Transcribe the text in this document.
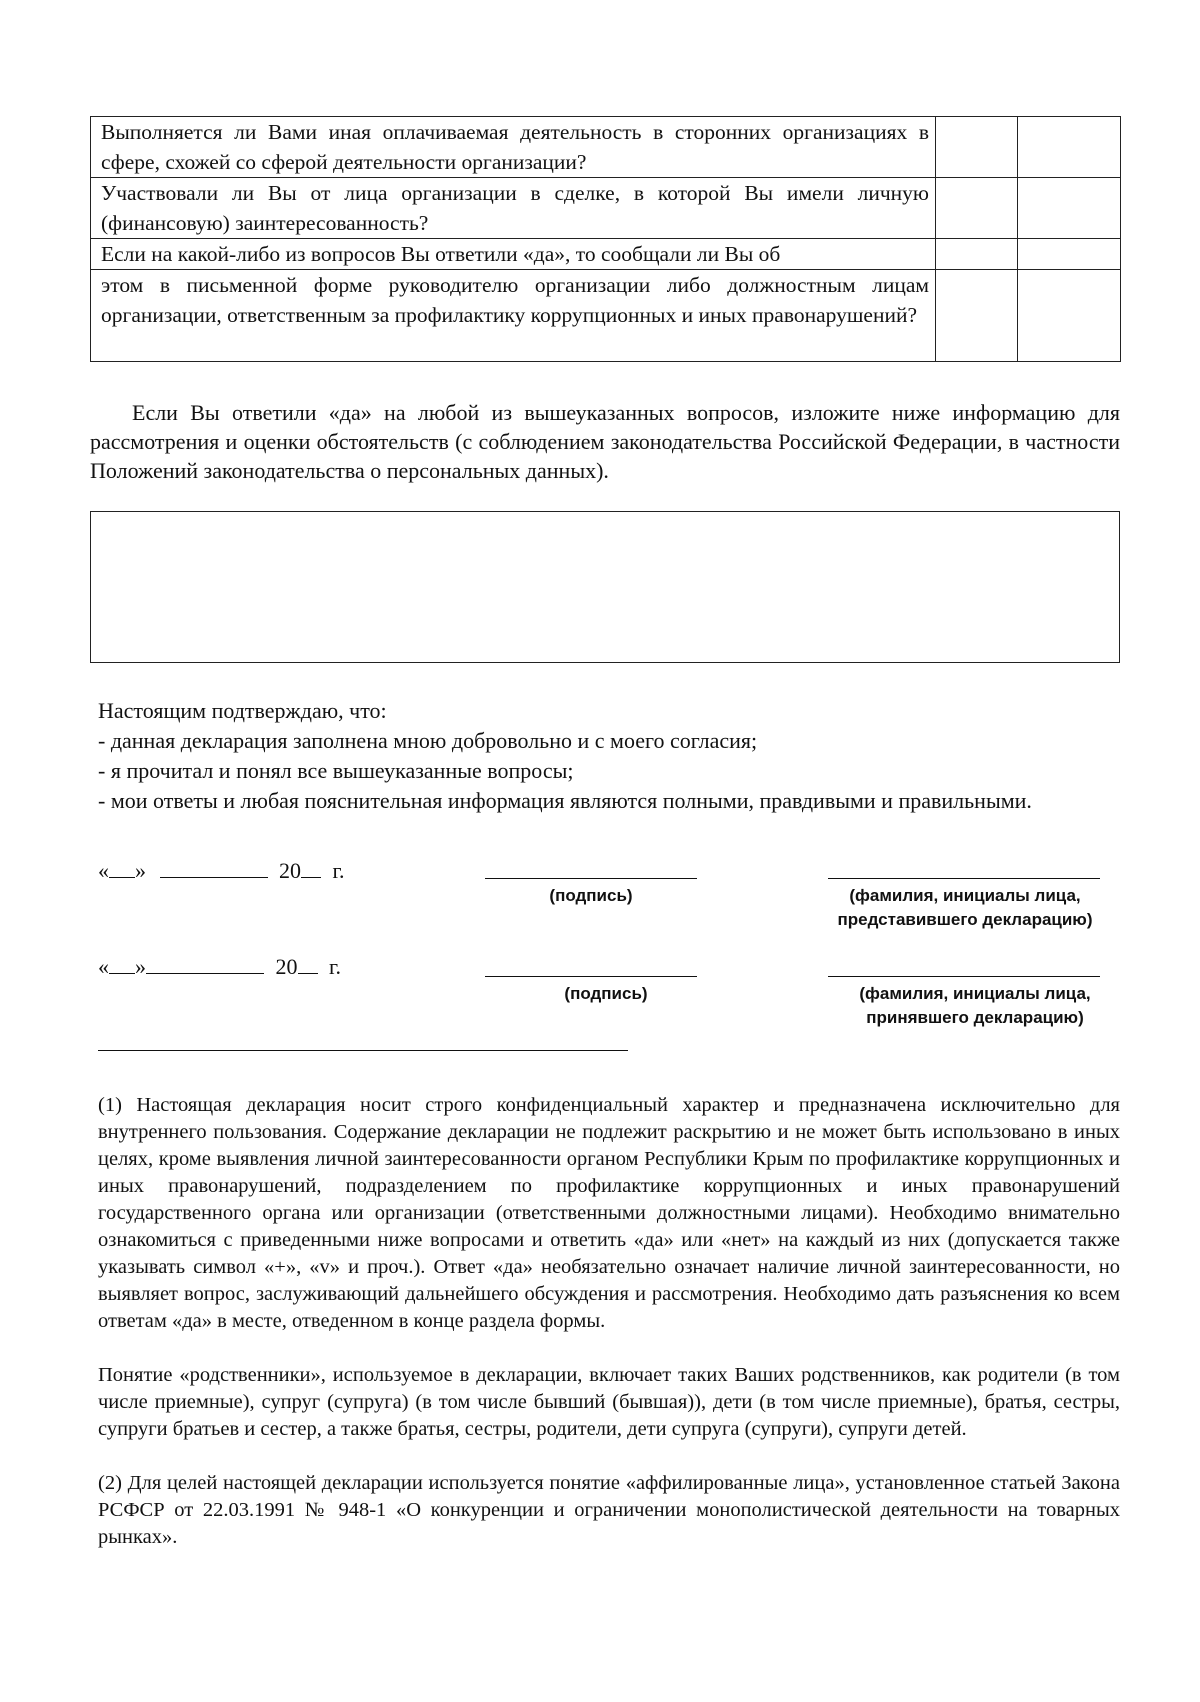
Выполняется ли Вами иная оплачиваемая деятельность в сторонних организациях в сфере, схожей со сферой деятельности организации?		
Участвовали ли Вы от лица организации в сделке, в которой Вы имели личную (финансовую) заинтересованность?		
Если на какой-либо из вопросов Вы ответили «да», то сообщали ли Вы об		
этом в письменной форме руководителю организации либо должностным лицам организации, ответственным за профилактику коррупционных и иных правонарушений?		
Если Вы ответили «да» на любой из вышеуказанных вопросов, изложите ниже информацию для рассмотрения и оценки обстоятельств (с соблюдением законодательства Российской Федерации, в частности Положений законодательства о персональных данных).
Настоящим подтверждаю, что:
- данная декларация заполнена мною добровольно и с моего согласия;
- я прочитал и понял все вышеуказанные вопросы;
- мои ответы и любая пояснительная информация являются полными, правдивыми и правильными.
« »	20 г.
(подпись)	(фамилия, инициалы лица,
представившего декларацию)
« »	20 г.
(подпись)	(фамилия, инициалы лица,
принявшего декларацию)
(1) Настоящая декларация носит строго конфиденциальный характер и предназначена исключительно для внутреннего пользования. Содержание декларации не подлежит раскрытию и не может быть использовано в иных целях, кроме выявления личной заинтересованности органом Республики Крым по профилактике коррупционных и иных правонарушений, подразделением по профилактике коррупционных и иных правонарушений государственного органа или организации (ответственными должностными лицами). Необходимо внимательно ознакомиться с приведенными ниже вопросами и ответить «да» или «нет» на каждый из них (допускается также указывать символ «+», «v» и проч.). Ответ «да» необязательно означает наличие личной заинтересованности, но выявляет вопрос, заслуживающий дальнейшего обсуждения и рассмотрения. Необходимо дать разъяснения ко всем ответам «да» в месте, отведенном в конце раздела формы.
Понятие «родственники», используемое в декларации, включает таких Ваших родственников, как родители (в том числе приемные), супруг (супруга) (в том числе бывший (бывшая)), дети (в том числе приемные), братья, сестры, супруги братьев и сестер, а также братья, сестры, родители, дети супруга (супруги), супруги детей.
(2) Для целей настоящей декларации используется понятие «аффилированные лица», установленное статьей Закона РСФСР от 22.03.1991 № 948-1 «О конкуренции и ограничении монополистической деятельности на товарных рынках».
